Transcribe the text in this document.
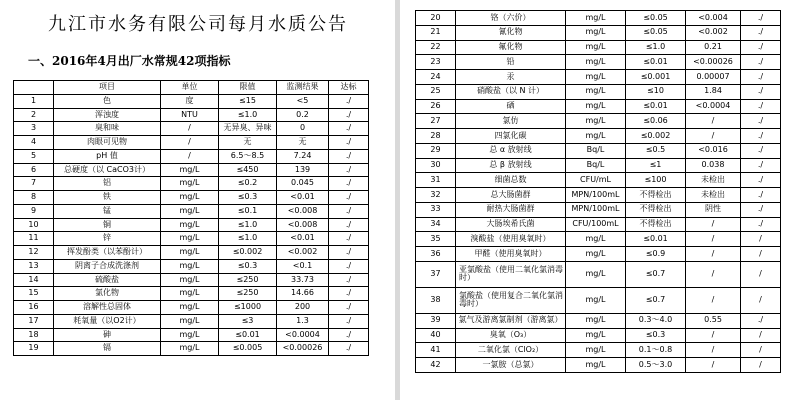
九江市水务有限公司每月水质公告
一、2016年4月出厂水常规42项指标
	项目	单位	限值	监测结果	达标
1	色	度	≤15	<5	./
2	浑浊度	NTU	≤1.0	0.2	./
3	臭和味	/	无异臭、异味	0	./
4	肉眼可见物	/	无	无	./
5	pH 值	/	6.5～8.5	7.24	./
6	总硬度（以 CaCO3计）	mg/L	≤450	139	./
7	铝	mg/L	≤0.2	0.045	./
8	铁	mg/L	≤0.3	<0.01	./
9	锰	mg/L	≤0.1	<0.008	./
10	铜	mg/L	≤1.0	<0.008	./
11	锌	mg/L	≤1.0	<0.01	./
12	挥发酚类（以苯酚计）	mg/L	≤0.002	<0.002	./
13	阴离子合成洗涤剂	mg/L	≤0.3	<0.1	./
14	硫酸盐	mg/L	≤250	33.73	./
15	氯化物	mg/L	≤250	14.66	./
16	溶解性总固体	mg/L	≤1000	200	./
17	耗氧量（以O2计）	mg/L	≤3	1.3	./
18	砷	mg/L	≤0.01	<0.0004	./
19	镉	mg/L	≤0.005	<0.00026	./
20	铬（六价）	mg/L	≤0.05	<0.004	./
21	氰化物	mg/L	≤0.05	<0.002	./
22	氟化物	mg/L	≤1.0	0.21	./
23	铅	mg/L	≤0.01	<0.00026	./
24	汞	mg/L	≤0.001	0.00007	./
25	硝酸盐（以 N 计）	mg/L	≤10	1.84	./
26	硒	mg/L	≤0.01	<0.0004	./
27	氯仿	mg/L	≤0.06	/	./
28	四氯化碳	mg/L	≤0.002	/	./
29	总 α 放射线	Bq/L	≤0.5	<0.016	./
30	总 β 放射线	Bq/L	≤1	0.038	./
31	细菌总数	CFU/mL	≤100	未检出	./
32	总大肠菌群	MPN/100mL	不得检出	未检出	./
33	耐热大肠菌群	MPN/100mL	不得检出	阴性	./
34	大肠埃希氏菌	CFU/100mL	不得检出	/	./
35	溴酸盐（使用臭氧时）	mg/L	≤0.01	/	/
36	甲醛（使用臭氧时）	mg/L	≤0.9	/	/
37	亚氯酸盐（使用二氧化氯消毒时）	mg/L	≤0.7	/	/
38	氯酸盐（使用复合二氧化氯消毒时）	mg/L	≤0.7	/	/
39	氯气及游离氯制剂（游离氯）	mg/L	0.3～4.0	0.55	./
40	臭氧（O₃）	mg/L	≤0.3	/	/
41	二氧化氯（ClO₂）	mg/L	0.1～0.8	/	/
42	一氯胺（总氯）	mg/L	0.5～3.0	/	/
